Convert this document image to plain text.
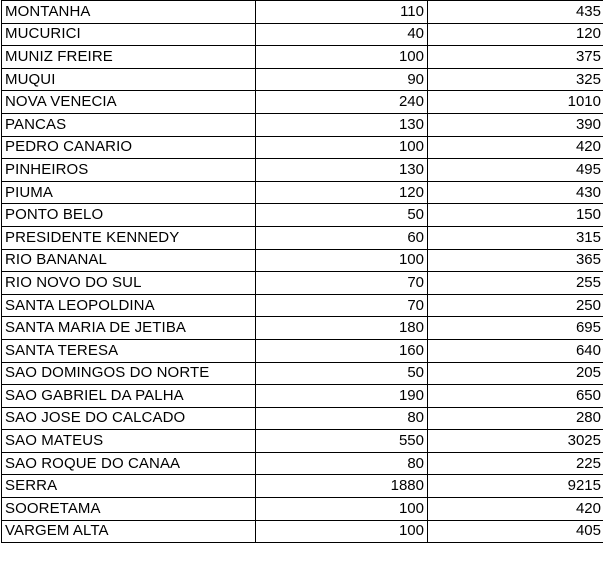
MONTANHA	110	435
MUCURICI	40	120
MUNIZ FREIRE	100	375
MUQUI	90	325
NOVA VENECIA	240	1010
PANCAS	130	390
PEDRO CANARIO	100	420
PINHEIROS	130	495
PIUMA	120	430
PONTO BELO	50	150
PRESIDENTE KENNEDY	60	315
RIO BANANAL	100	365
RIO NOVO DO SUL	70	255
SANTA LEOPOLDINA	70	250
SANTA MARIA DE JETIBA	180	695
SANTA TERESA	160	640
SAO DOMINGOS DO NORTE	50	205
SAO GABRIEL DA PALHA	190	650
SAO JOSE DO CALCADO	80	280
SAO MATEUS	550	3025
SAO ROQUE DO CANAA	80	225
SERRA	1880	9215
SOORETAMA	100	420
VARGEM ALTA	100	405
